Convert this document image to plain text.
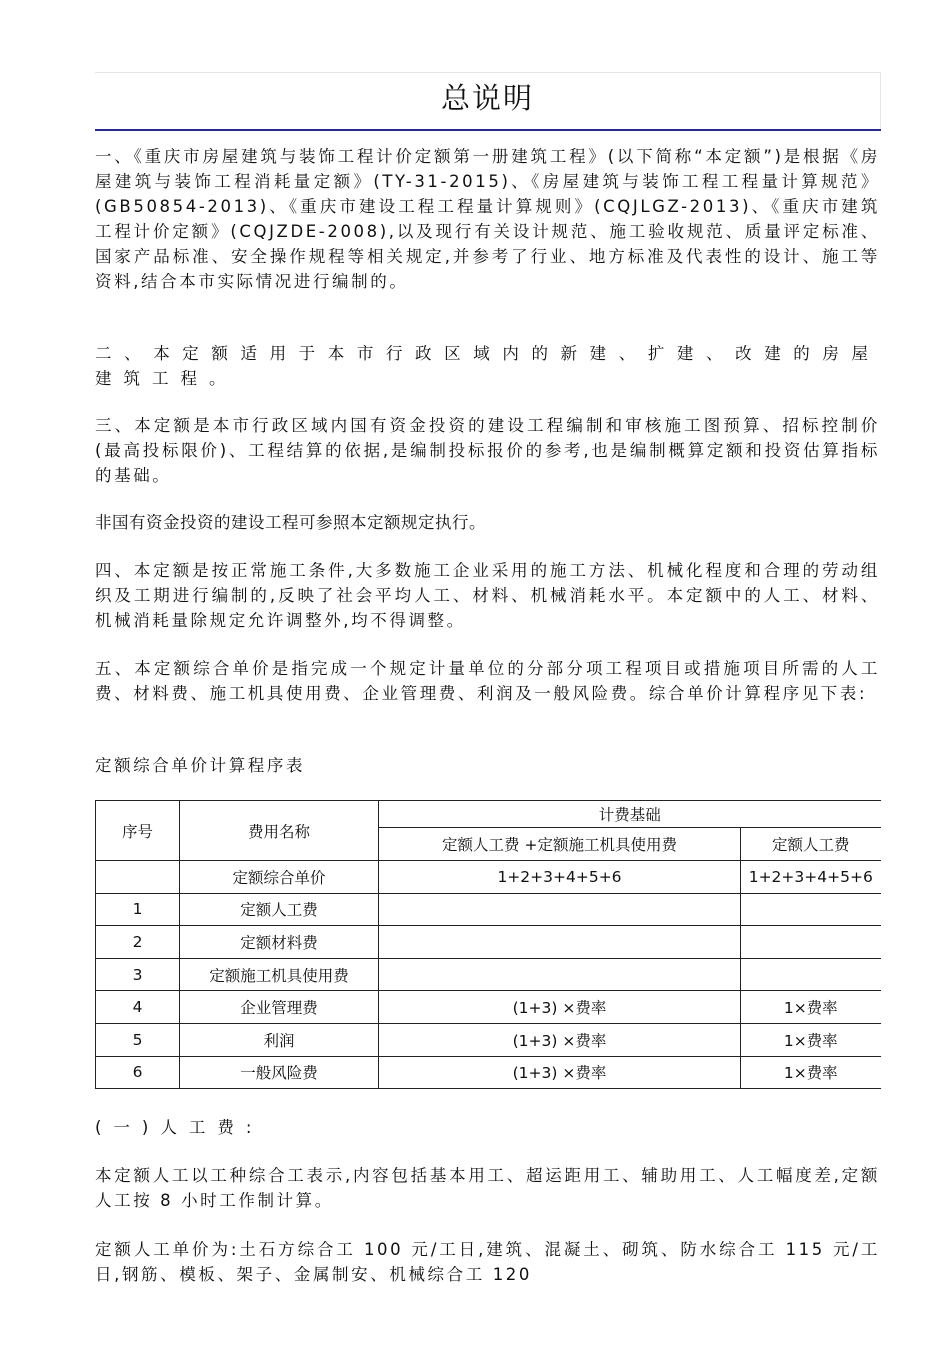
总说明

一、《重庆市房屋建筑与装饰工程计价定额第一册建筑工程》(以下简称“本定额”)是根据《房屋建筑与装饰工程消耗量定额》(TY-31-2015)、《房屋建筑与装饰工程工程量计算规范》(GB50854-2013)、《重庆市建设工程工程量计算规则》(CQJLGZ-2013)、《重庆市建筑工程计价定额》(CQJZDE-2008),以及现行有关设计规范、施工验收规范、质量评定标准、国家产品标准、安全操作规程等相关规定,并参考了行业、地方标准及代表性的设计、施工等资料,结合本市实际情况进行编制的。

二、本定额适用于本市行政区域内的新建、扩建、改建的房屋建筑工程。

三、本定额是本市行政区域内国有资金投资的建设工程编制和审核施工图预算、招标控制价(最高投标限价)、工程结算的依据,是编制投标报价的参考,也是编制概算定额和投资估算指标的基础。

非国有资金投资的建设工程可参照本定额规定执行。

四、本定额是按正常施工条件,大多数施工企业采用的施工方法、机械化程度和合理的劳动组织及工期进行编制的,反映了社会平均人工、材料、机械消耗水平。本定额中的人工、材料、机械消耗量除规定允许调整外,均不得调整。

五、本定额综合单价是指完成一个规定计量单位的分部分项工程项目或措施项目所需的人工费、材料费、施工机具使用费、企业管理费、利润及一般风险费。综合单价计算程序见下表:

定额综合单价计算程序表

序号	费用名称	计费基础	
		定额人工费 +定额施工机具使用费	定额人工费
	定额综合单价	1+2+3+4+5+6	1+2+3+4+5+6
1	定额人工费		
2	定额材料费		
3	定额施工机具使用费		
4	企业管理费	(1+3) ×费率	1×费率
5	利润	(1+3) ×费率	1×费率
6	一般风险费	(1+3) ×费率	1×费率

(一)人工费:

本定额人工以工种综合工表示,内容包括基本用工、超运距用工、辅助用工、人工幅度差,定额人工按 8 小时工作制计算。

定额人工单价为:土石方综合工 100 元/工日,建筑、混凝土、砌筑、防水综合工 115 元/工日,钢筋、模板、架子、金属制安、机械综合工 120
